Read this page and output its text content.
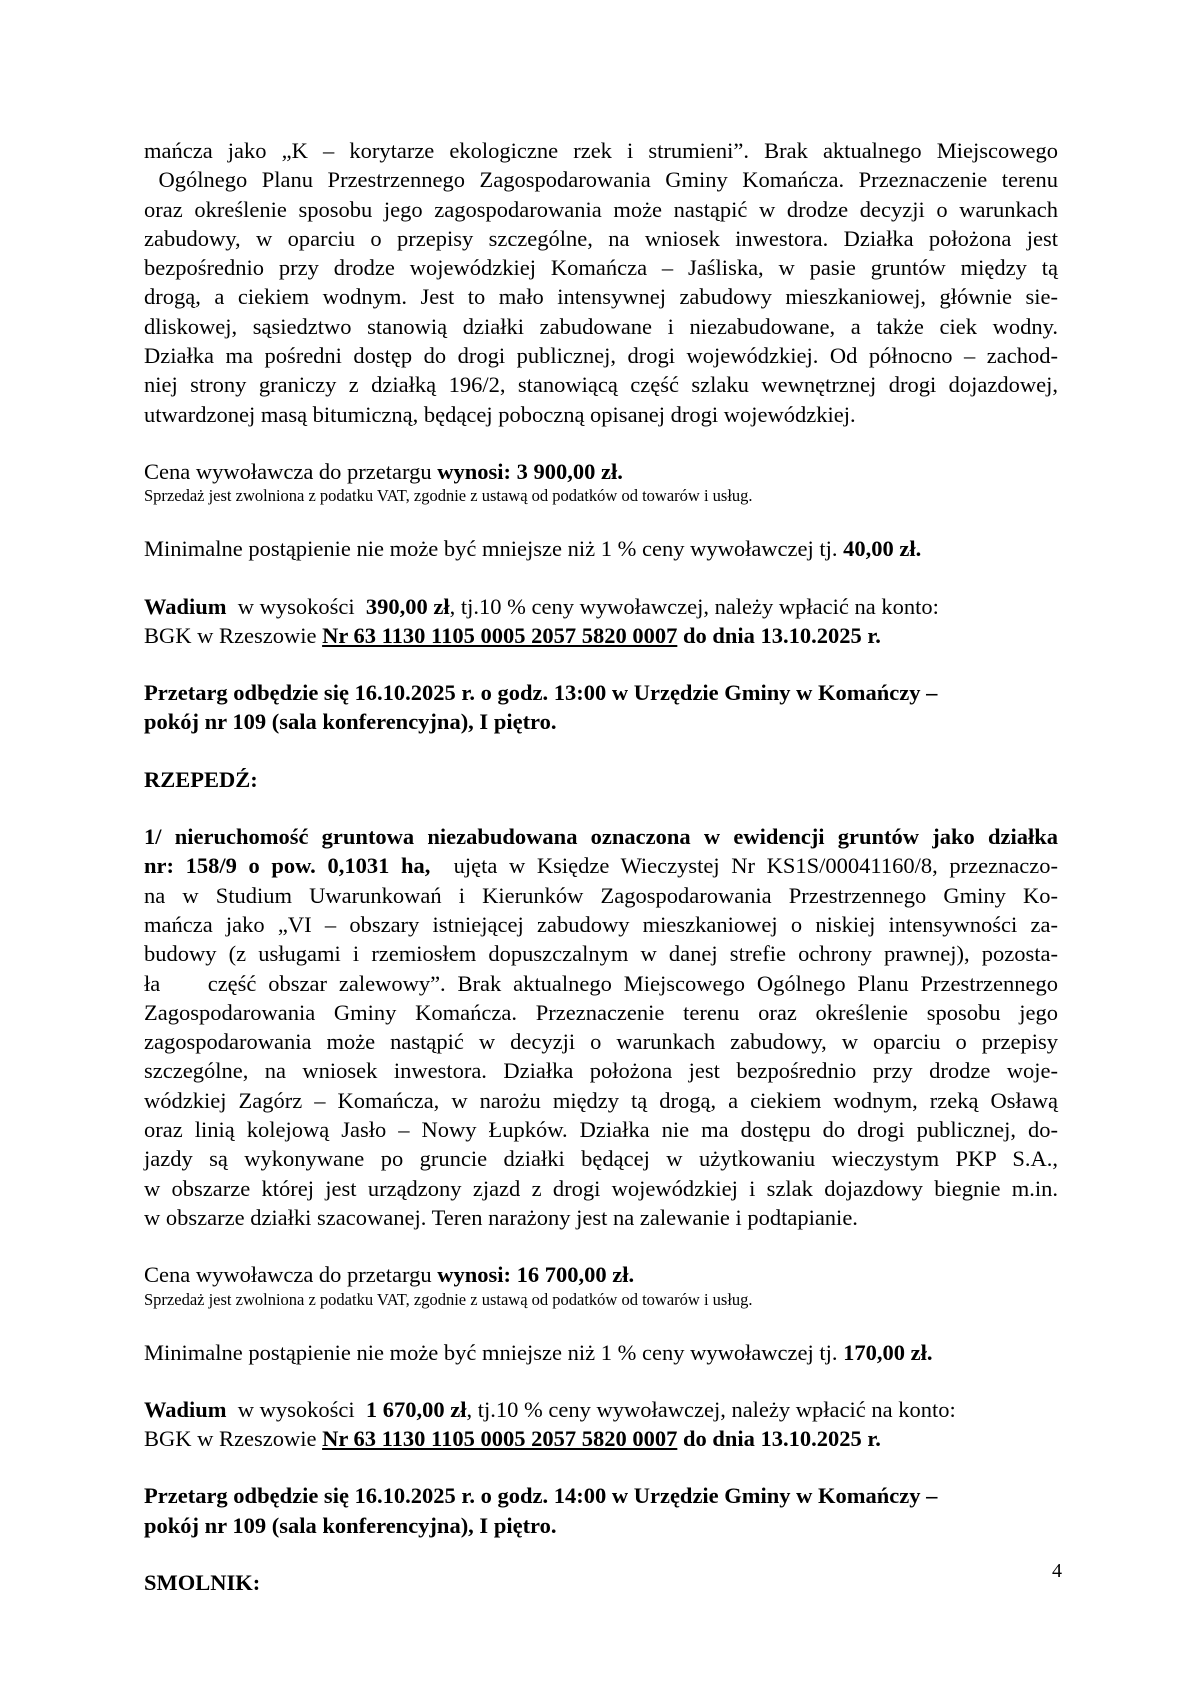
mańcza jako „K – korytarze ekologiczne rzek i strumieni”. Brak aktualnego Miejscowego
Ogólnego Planu Przestrzennego Zagospodarowania Gminy Komańcza. Przeznaczenie terenu
oraz określenie sposobu jego zagospodarowania może nastąpić w drodze decyzji o warunkach
zabudowy, w oparciu o przepisy szczególne, na wniosek inwestora. Działka położona jest
bezpośrednio przy drodze wojewódzkiej Komańcza – Jaśliska, w pasie gruntów między tą
drogą, a ciekiem wodnym. Jest to mało intensywnej zabudowy mieszkaniowej, głównie sie-
dliskowej, sąsiedztwo stanowią działki zabudowane i niezabudowane, a także ciek wodny.
Działka ma pośredni dostęp do drogi publicznej, drogi wojewódzkiej. Od północno – zachod-
niej strony graniczy z działką 196/2, stanowiącą część szlaku wewnętrznej drogi dojazdowej,
utwardzonej masą bitumiczną, będącej poboczną opisanej drogi wojewódzkiej.

Cena wywoławcza do przetargu wynosi: 3 900,00 zł.

Sprzedaż jest zwolniona z podatku VAT, zgodnie z ustawą od podatków od towarów i usług.

Minimalne postąpienie nie może być mniejsze niż 1 % ceny wywoławczej tj. 40,00 zł.

Wadium  w wysokości  390,00 zł, tj.10 % ceny wywoławczej, należy wpłacić na konto:
BGK w Rzeszowie Nr 63 1130 1105 0005 2057 5820 0007 do dnia 13.10.2025 r.

Przetarg odbędzie się 16.10.2025 r. o godz. 13:00 w Urzędzie Gminy w Komańczy –
pokój nr 109 (sala konferencyjna), I piętro.

RZEPEDŹ:

1/ nieruchomość gruntowa niezabudowana oznaczona w ewidencji gruntów jako działka
nr: 158/9 o pow. 0,1031 ha,  ujęta w Księdze Wieczystej Nr KS1S/00041160/8, przeznaczo-
na w Studium Uwarunkowań i Kierunków Zagospodarowania Przestrzennego Gminy Ko-
mańcza jako „VI – obszary istniejącej zabudowy mieszkaniowej o niskiej intensywności za-
budowy (z usługami i rzemiosłem dopuszczalnym w danej strefie ochrony prawnej), pozosta-
ła    część obszar zalewowy”. Brak aktualnego Miejscowego Ogólnego Planu Przestrzennego
Zagospodarowania Gminy Komańcza. Przeznaczenie terenu oraz określenie sposobu jego
zagospodarowania może nastąpić w decyzji o warunkach zabudowy, w oparciu o przepisy
szczególne, na wniosek inwestora. Działka położona jest bezpośrednio przy drodze woje-
wódzkiej Zagórz – Komańcza, w narożu między tą drogą, a ciekiem wodnym, rzeką Osławą
oraz linią kolejową Jasło – Nowy Łupków. Działka nie ma dostępu do drogi publicznej, do-
jazdy są wykonywane po gruncie działki będącej w użytkowaniu wieczystym PKP S.A.,
w obszarze której jest urządzony zjazd z drogi wojewódzkiej i szlak dojazdowy biegnie m.in.
w obszarze działki szacowanej. Teren narażony jest na zalewanie i podtapianie.

Cena wywoławcza do przetargu wynosi: 16 700,00 zł.

Sprzedaż jest zwolniona z podatku VAT, zgodnie z ustawą od podatków od towarów i usług.

Minimalne postąpienie nie może być mniejsze niż 1 % ceny wywoławczej tj. 170,00 zł.

Wadium  w wysokości  1 670,00 zł, tj.10 % ceny wywoławczej, należy wpłacić na konto:
BGK w Rzeszowie Nr 63 1130 1105 0005 2057 5820 0007 do dnia 13.10.2025 r.

Przetarg odbędzie się 16.10.2025 r. o godz. 14:00 w Urzędzie Gminy w Komańczy –
pokój nr 109 (sala konferencyjna), I piętro.

SMOLNIK:	4
